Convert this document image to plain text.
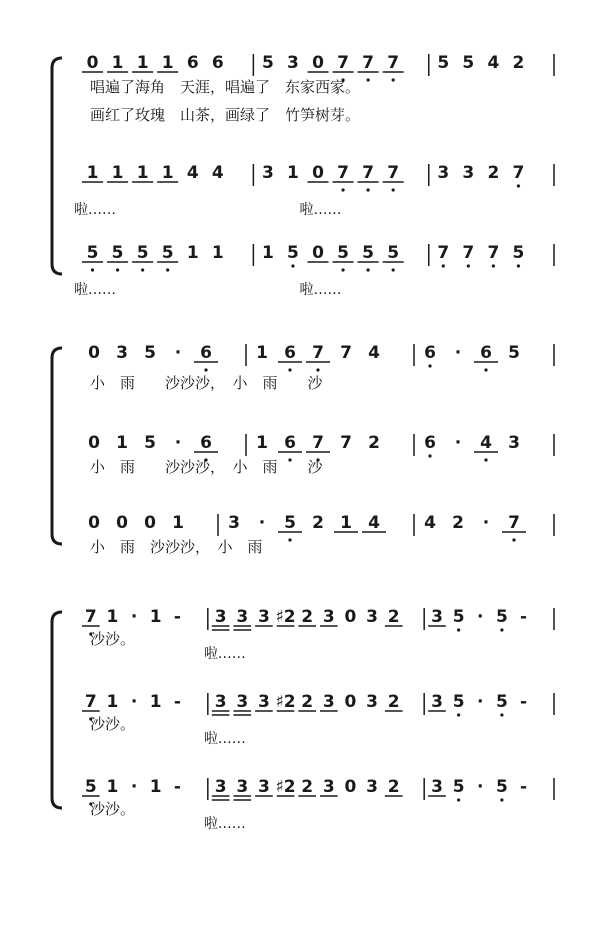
0 1 1 1 6 6 5 3 0 7 7 7 5 5 4 2
唱遍了海角　天涯，唱遍了　东家西家。
画红了玫瑰　山茶，画绿了　竹笋树芽。
1 1 1 1 4 4 3 1 0 7 7 7 3 3 2 7
啦……	啦……
5 5 5 5 1 1 1 5 0 5 5 5 7 7 7 5
啦……	啦……
0 3 5 · 6	1 6 7 7 4	6 · 6 5
小　雨　　沙沙沙，　小　雨　　沙
0 1 5 · 6	1 6 7 7 2	6 · 4 3
小　雨　　沙沙沙，　小　雨　　沙
0 0 0 1	3 · 5 2 1 4	4 2 · 7
小　雨　沙沙沙，　小　雨
7 1 · 1 - 3 3 3 ♯2 2 3 0 3 2 3 5 · 5 -
沙沙。
啦……
7 1 · 1 - 3 3 3 ♯2 2 3 0 3 2 3 5 · 5 -
沙沙。
啦……
5 1 · 1 - 3 3 3 ♯2 2 3 0 3 2 3 5 · 5 -
沙沙。
啦……
